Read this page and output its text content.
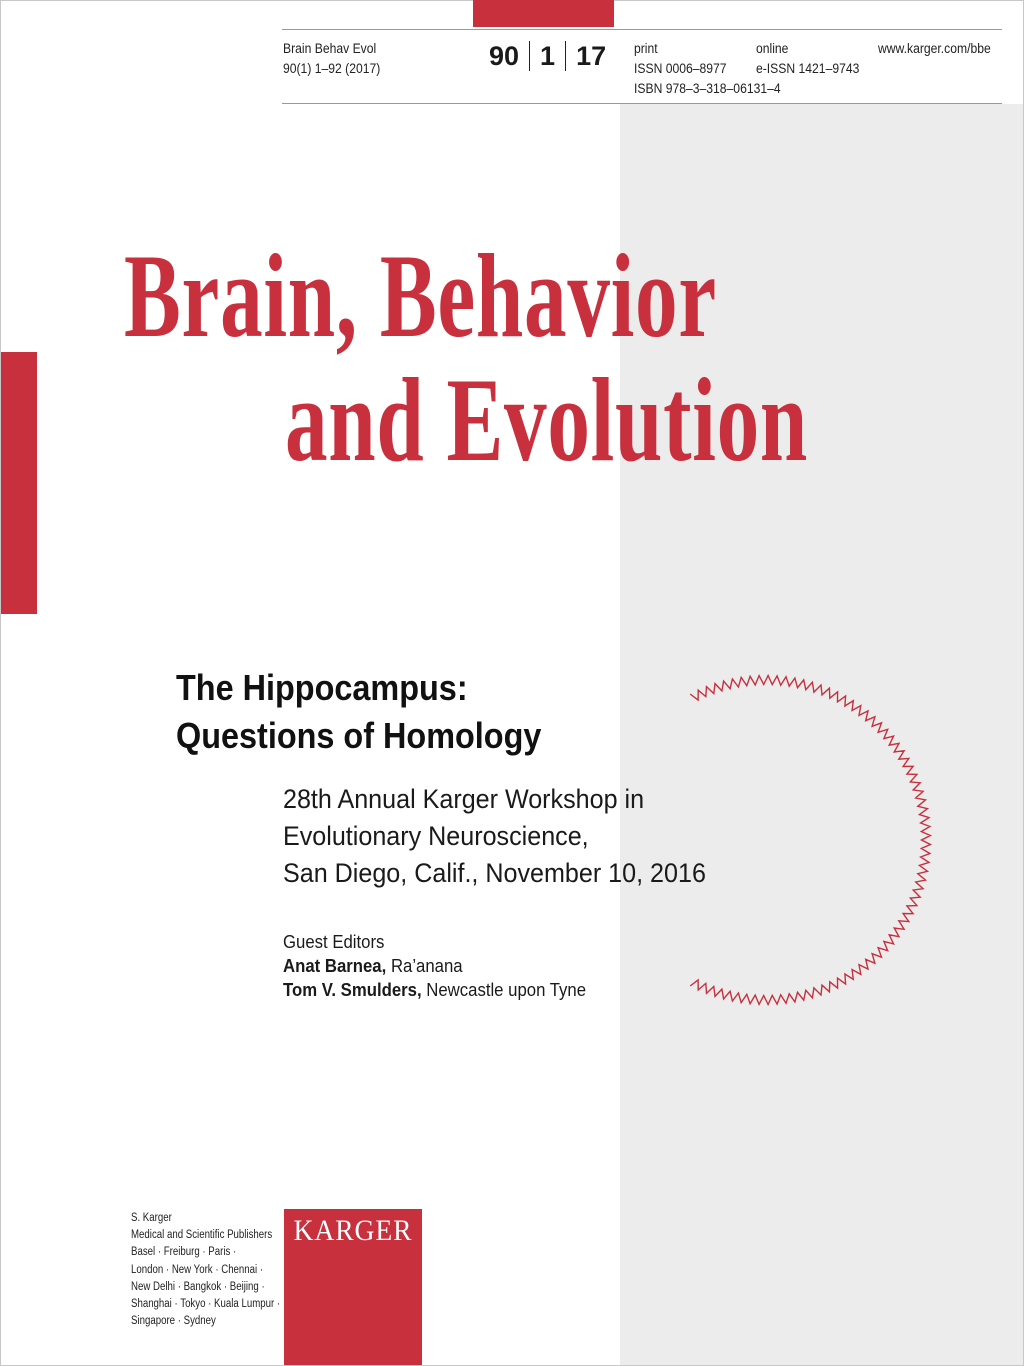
Brain Behav Evol
90(1) 1–92 (2017)	90 1 17 print
ISSN 0006–8977
ISBN 978–3–318–06131–4
online
e-ISSN 1421–9743
www.karger.com/bbe
Brain, Behavior
and Evolution
The Hippocampus:
Questions of Homology
28th Annual Karger Workshop in
Evolutionary Neuroscience,
San Diego, Calif., November 10, 2016
Guest Editors
Anat Barnea, Ra’anana
Tom V. Smulders, Newcastle upon Tyne
S. Karger
Medical and Scientific Publishers
Basel · Freiburg · Paris ·
London · New York · Chennai ·
New Delhi · Bangkok · Beijing ·
Shanghai · Tokyo · Kuala Lumpur ·
Singapore · Sydney
KARGER
